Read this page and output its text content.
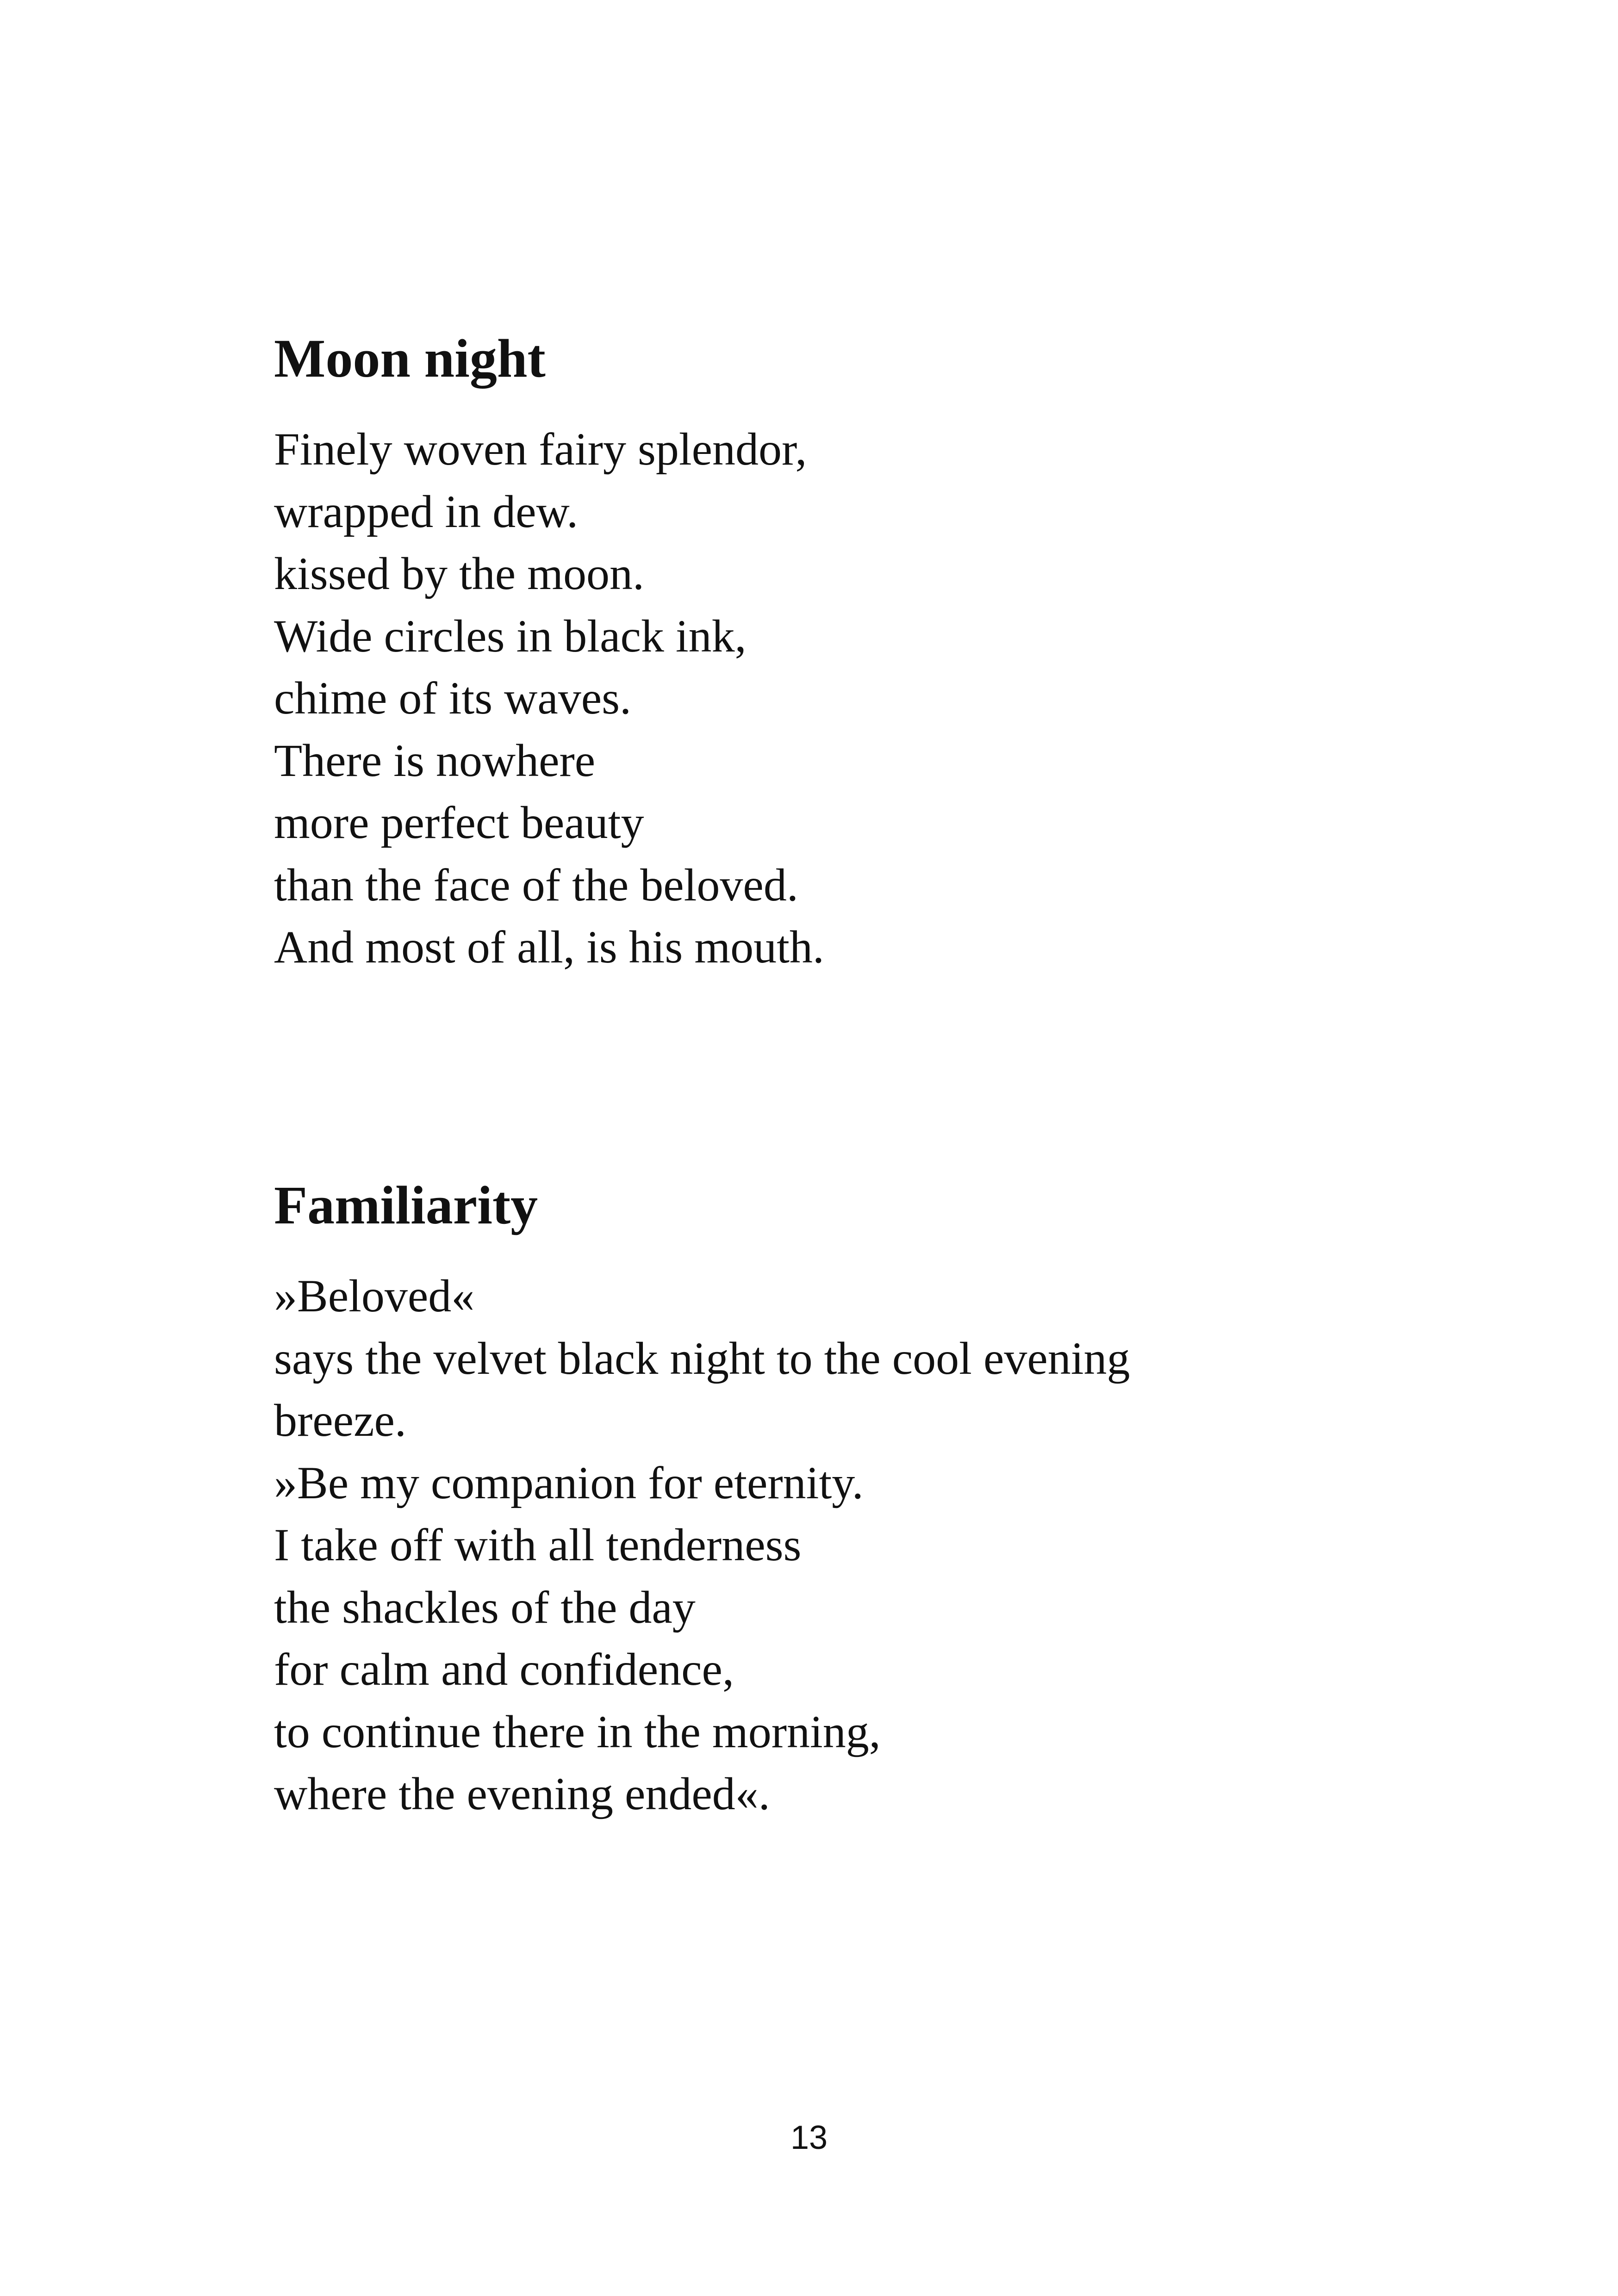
Moon night

Finely woven fairy splendor,

wrapped in dew.

kissed by the moon.

Wide circles in black ink,

chime of its waves.

There is nowhere

more perfect beauty

than the face of the beloved.

And most of all, is his mouth.

Familiarity

»Beloved«

says the velvet black night to the cool evening

breeze.

»Be my companion for eternity.

I take off with all tenderness

the shackles of the day

for calm and confidence,

to continue there in the morning,

where the evening ended«.

13
